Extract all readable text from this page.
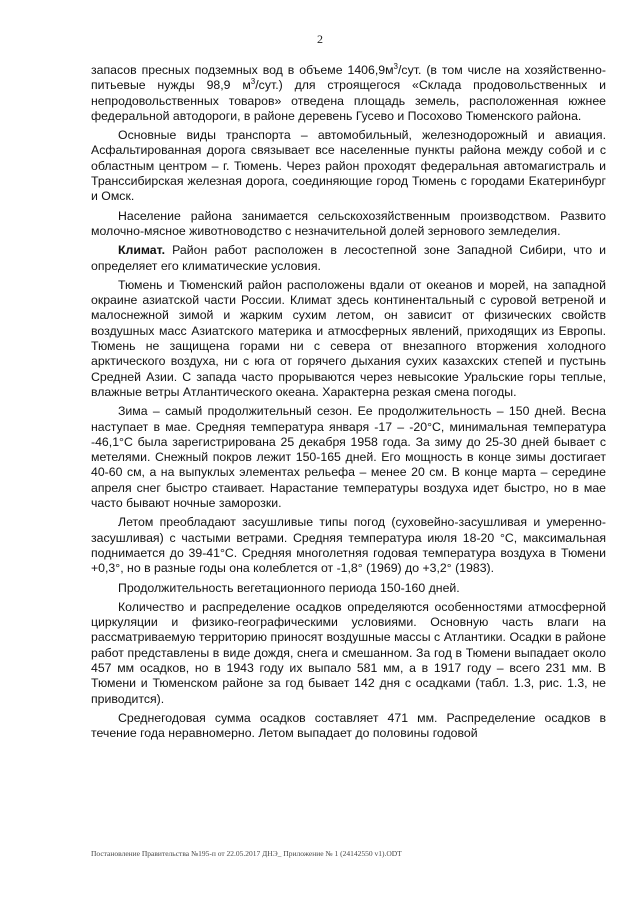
2

запасов пресных подземных вод в объеме $1406,9м^3$/сут. (в том числе на хозяйственно-питьевые нужды 98,9 $м^3/сут$.) для строящегося «Склада продовольственных и непродовольственных товаров» отведена площадь земель, расположенная южнее федеральной автодороги, в районе деревень Гусево и Посохово Тюменского района.

Основные виды транспорта – автомобильный, железнодорожный и авиация. Асфальтированная дорога связывает все населенные пункты района между собой и с областным центром – г. Тюмень. Через район проходят федеральная автомагистраль и Транссибирская железная дорога, соединяющие город Тюмень с городами Екатеринбург и Омск.

Население района занимается сельскохозяйственным производством. Развито молочно-мясное животноводство с незначительной долей зернового земледелия.

Климат. Район работ расположен в лесостепной зоне Западной Сибири, что и определяет его климатические условия.

Тюмень и Тюменский район расположены вдали от океанов и морей, на западной окраине азиатской части России. Климат здесь континентальный с суровой ветреной и малоснежной зимой и жарким сухим летом, он зависит от физических свойств воздушных масс Азиатского материка и атмосферных явлений, приходящих из Европы. Тюмень не защищена горами ни с севера от внезапного вторжения холодного арктического воздуха, ни с юга от горячего дыхания сухих казахских степей и пустынь Средней Азии. С запада часто прорываются через невысокие Уральские горы теплые, влажные ветры Атлантического океана. Характерна резкая смена погоды.

Зима – самый продолжительный сезон. Ее продолжительность – 150 дней. Весна наступает в мае. Средняя температура января -17 – -20°С, минимальная температура -46,1°С была зарегистрирована 25 декабря 1958 года. За зиму до 25-30 дней бывает с метелями. Снежный покров лежит 150-165 дней. Его мощность в конце зимы достигает 40-60 см, а на выпуклых элементах рельефа – менее 20 см. В конце марта – середине апреля снег быстро стаивает. Нарастание температуры воздуха идет быстро, но в мае часто бывают ночные заморозки.

Летом преобладают засушливые типы погод (суховейно-засушливая и умеренно-засушливая) с частыми ветрами. Средняя температура июля 18-20 °С, максимальная поднимается до 39-41°С. Средняя многолетняя годовая температура воздуха в Тюмени +0,3°, но в разные годы она колеблется от -1,8° (1969) до +3,2° (1983).

Продолжительность вегетационного периода 150-160 дней.

Количество и распределение осадков определяются особенностями атмосферной циркуляции и физико-географическими условиями. Основную часть влаги на рассматриваемую территорию приносят воздушные массы с Атлантики. Осадки в районе работ представлены в виде дождя, снега и смешанном. За год в Тюмени выпадает около 457 мм осадков, но в 1943 году их выпало 581 мм, а в 1917 году – всего 231 мм. В Тюмени и Тюменском районе за год бывает 142 дня с осадками (табл. 1.3, рис. 1.3, не приводится).

Среднегодовая сумма осадков составляет 471 мм. Распределение осадков в течение года неравномерно. Летом выпадает до половины годовой

Постановление Правительства №195-п от 22.05.2017 ДНЭ_ Приложение № 1 (24142550 v1).ODT
